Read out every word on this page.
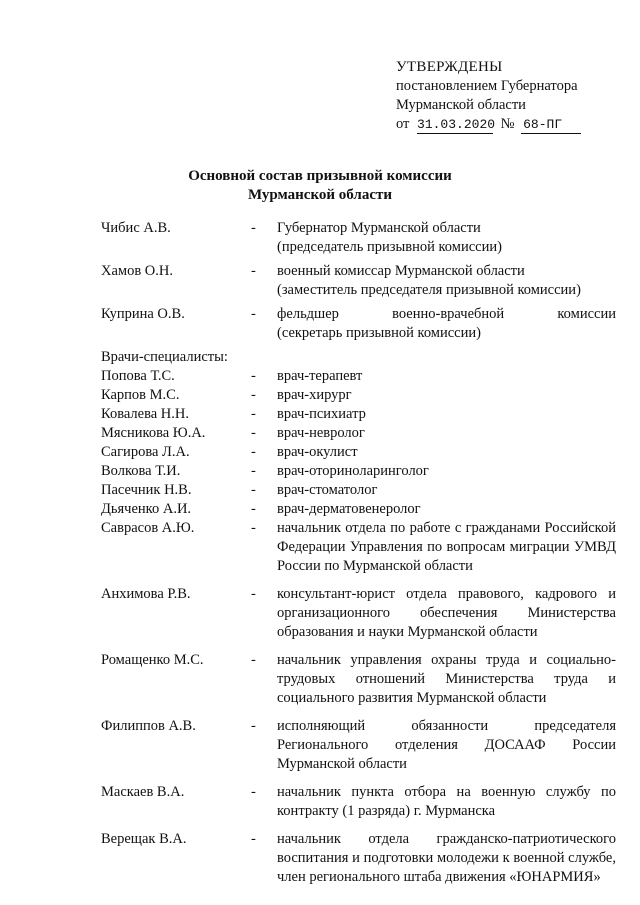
УТВЕРЖДЕНЫ
постановлением Губернатора
Мурманской области
от 31.03.2020 № 68-ПГ
Основной состав призывной комиссии
Мурманской области
Чибис А.В.	-	Губернатор Мурманской области
(председатель призывной комиссии)
Хамов О.Н.	-	военный комиссар Мурманской области
(заместитель председателя призывной комиссии)
Куприна О.В.	-	фельдшер	военно-врачебной	комиссии
(секретарь призывной комиссии)
Врачи-специалисты:
Попова Т.С.	-	врач-терапевт
Карпов М.С.	-	врач-хирург
Ковалева Н.Н.	-	врач-психиатр
Мясникова Ю.А.	-	врач-невролог
Сагирова Л.А.	-	врач-окулист
Волкова Т.И.	-	врач-оториноларинголог
Пасечник Н.В.	-	врач-стоматолог
Дьяченко А.И.	-	врач-дерматовенеролог
Саврасов А.Ю.	-	начальник отдела по работе с гражданами Российской Федерации Управления по вопросам миграции УМВД России по Мурманской области
Анхимова Р.В.	-	консультант-юрист отдела правового, кадрового и организационного обеспечения Министерства образования и науки Мурманской области
Ромащенко М.С.	-	начальник управления охраны труда и социально-трудовых отношений Министерства труда и социального развития Мурманской области
Филиппов А.В.	-	исполняющий обязанности председателя Регионального отделения ДОСААФ России Мурманской области
Маскаев В.А.	-	начальник пункта отбора на военную службу по контракту (1 разряда) г. Мурманска
Верещак В.А.	-	начальник отдела гражданско-патриотического воспитания и подготовки молодежи к военной службе, член регионального штаба движения «ЮНАРМИЯ»
